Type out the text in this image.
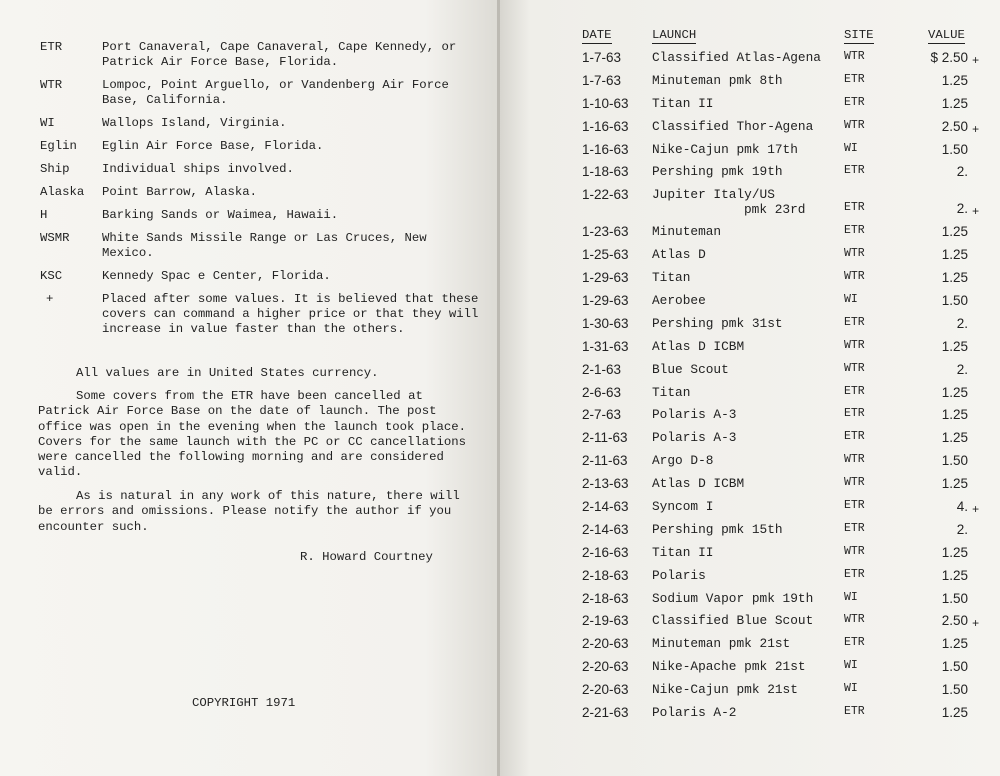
ETR	Port Canaveral, Cape Canaveral, Cape Kennedy, or Patrick Air Force Base, Florida.
WTR	Lompoc, Point Arguello, or Vandenberg Air Force Base, California.
WI	Wallops Island, Virginia.
Eglin	Eglin Air Force Base, Florida.
Ship	Individual ships involved.
Alaska	Point Barrow, Alaska.
H	Barking Sands or Waimea, Hawaii.
WSMR	White Sands Missile Range or Las Cruces, New Mexico.
KSC	Kennedy Spac e Center, Florida.
+	Placed after some values. It is believed that these covers can command a higher price or that they will increase in value faster than the others.

All values are in United States currency.

Some covers from the ETR have been cancelled at Patrick Air Force Base on the date of launch. The post office was open in the evening when the launch took place. Covers for the same launch with the PC or CC cancellations were cancelled the following morning and are considered valid.

As is natural in any work of this nature, there will be errors and omissions. Please notify the author if you encounter such.

R. Howard Courtney
COPYRIGHT 1971
DATE	LAUNCH	SITE	VALUE
1-7-63 Classified Atlas-Agena WTR	$ 2.50 +
1-7-63 Minuteman pmk 8th	ETR	1.25
1-10-63 Titan II	ETR	1.25
1-16-63 Classified Thor-Agena	WTR	2.50 +
1-16-63 Nike-Cajun pmk 17th	WI	1.50
1-18-63 Pershing pmk 19th	ETR	2.
1-22-63 Jupiter Italy/US
pmk 23rd	ETR	2. +
1-23-63 Minuteman	ETR	1.25
1-25-63 Atlas D	WTR	1.25
1-29-63 Titan	WTR	1.25
1-29-63 Aerobee	WI	1.50
1-30-63 Pershing pmk 31st	ETR	2.
1-31-63 Atlas D ICBM	WTR	1.25
2-1-63 Blue Scout	WTR	2.
2-6-63 Titan	ETR	1.25
2-7-63 Polaris A-3	ETR	1.25
2-11-63 Polaris A-3	ETR	1.25
2-11-63 Argo D-8	WTR	1.50
2-13-63 Atlas D ICBM	WTR	1.25
2-14-63 Syncom I	ETR	4. +
2-14-63 Pershing pmk 15th	ETR	2.
2-16-63 Titan II	WTR	1.25
2-18-63 Polaris	ETR	1.25
2-18-63 Sodium Vapor pmk 19th	WI	1.50
2-19-63 Classified Blue Scout	WTR	2.50 +
2-20-63 Minuteman pmk 21st	ETR	1.25
2-20-63 Nike-Apache pmk 21st	WI	1.50
2-20-63 Nike-Cajun pmk 21st	WI	1.50
2-21-63 Polaris A-2	ETR	1.25
